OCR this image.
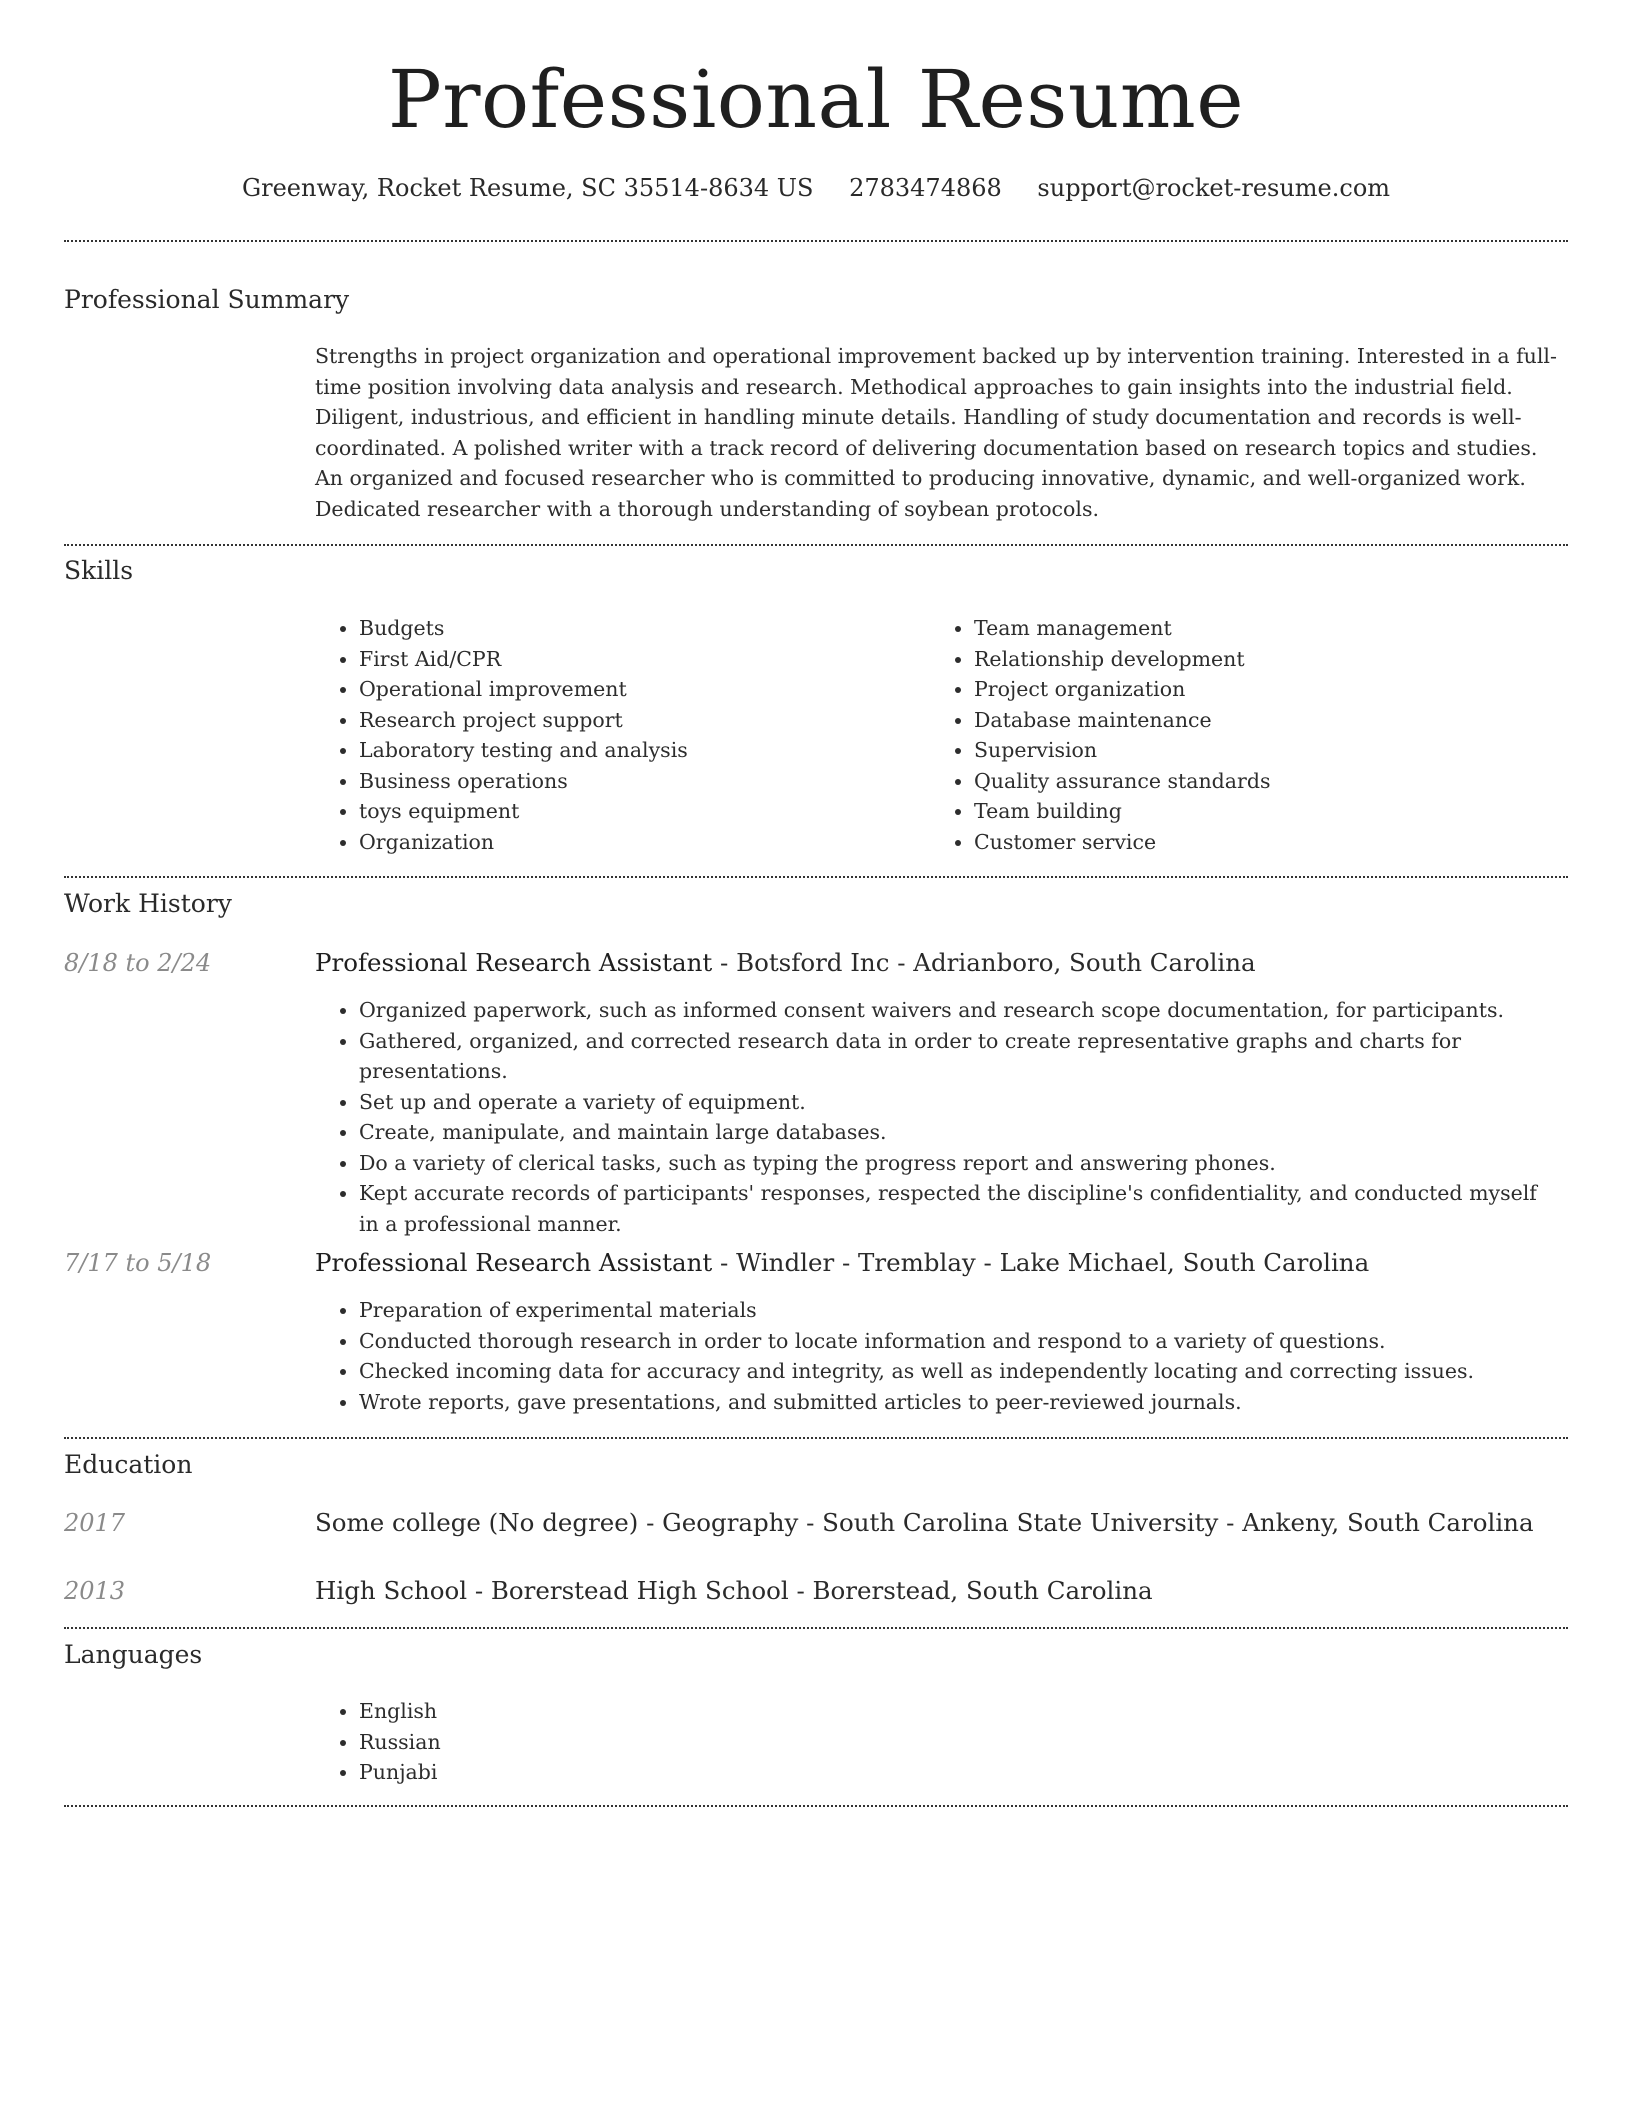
Professional Resume
Greenway, Rocket Resume, SC 35514-8634 US 2783474868 support@rocket-resume.com
Professional Summary

Strengths in project organization and operational improvement backed up by intervention training. Interested in a full-time position involving data analysis and research. Methodical approaches to gain insights into the industrial field. Diligent, industrious, and efficient in handling minute details. Handling of study documentation and records is well-coordinated. A polished writer with a track record of delivering documentation based on research topics and studies. An organized and focused researcher who is committed to producing innovative, dynamic, and well-organized work. Dedicated researcher with a thorough understanding of soybean protocols.

Skills
• Budgets
• First Aid/CPR
• Operational improvement
• Research project support
• Laboratory testing and analysis
• Business operations
• toys equipment
• Organization
• Team management
• Relationship development
• Project organization
• Database maintenance
• Supervision
• Quality assurance standards
• Team building
• Customer service
Work History
8/18 to 2/24	Professional Research Assistant - Botsford Inc - Adrianboro, South Carolina
• Organized paperwork, such as informed consent waivers and research scope documentation, for participants.
• Gathered, organized, and corrected research data in order to create representative graphs and charts for presentations.
• Set up and operate a variety of equipment.
• Create, manipulate, and maintain large databases.
• Do a variety of clerical tasks, such as typing the progress report and answering phones.
• Kept accurate records of participants' responses, respected the discipline's confidentiality, and conducted myself in a professional manner.
7/17 to 5/18	Professional Research Assistant - Windler - Tremblay - Lake Michael, South Carolina
• Preparation of experimental materials
• Conducted thorough research in order to locate information and respond to a variety of questions.
• Checked incoming data for accuracy and integrity, as well as independently locating and correcting issues.
• Wrote reports, gave presentations, and submitted articles to peer-reviewed journals.
Education
2017	Some college (No degree) - Geography - South Carolina State University - Ankeny, South Carolina
2013	High School - Borerstead High School - Borerstead, South Carolina
Languages
• English
• Russian
• Punjabi
